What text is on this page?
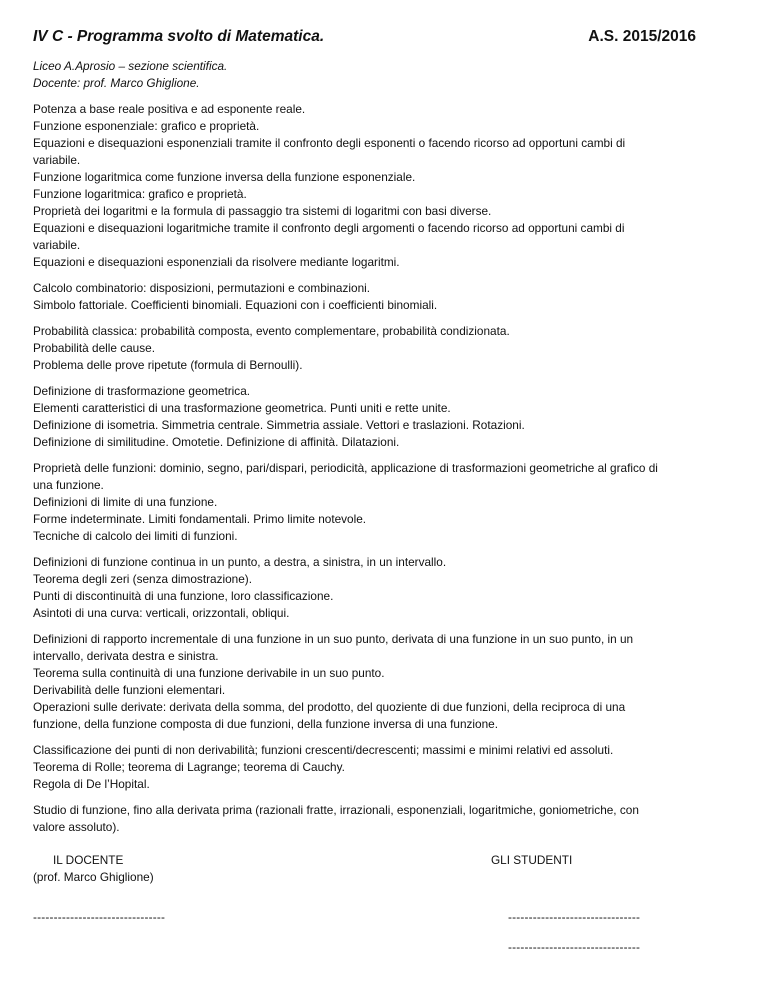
IV C - Programma svolto di Matematica.	A.S. 2015/2016
Liceo A.Aprosio – sezione scientifica.
Docente: prof. Marco Ghiglione.
Potenza a base reale positiva e ad esponente reale.
Funzione esponenziale: grafico e proprietà.
Equazioni e disequazioni esponenziali tramite il confronto degli esponenti o facendo ricorso ad opportuni cambi di
variabile.
Funzione logaritmica come funzione inversa della funzione esponenziale.
Funzione logaritmica: grafico e proprietà.
Proprietà dei logaritmi e la formula di passaggio tra sistemi di logaritmi con basi diverse.
Equazioni e disequazioni logaritmiche tramite il confronto degli argomenti o facendo ricorso ad opportuni cambi di
variabile.
Equazioni e disequazioni esponenziali da risolvere mediante logaritmi.
Calcolo combinatorio: disposizioni, permutazioni e combinazioni.
Simbolo fattoriale. Coefficienti binomiali. Equazioni con i coefficienti binomiali.
Probabilità classica: probabilità composta, evento complementare, probabilità condizionata.
Probabilità delle cause.
Problema delle prove ripetute (formula di Bernoulli).
Definizione di trasformazione geometrica.
Elementi caratteristici di una trasformazione geometrica. Punti uniti e rette unite.
Definizione di isometria. Simmetria centrale. Simmetria assiale. Vettori e traslazioni. Rotazioni.
Definizione di similitudine. Omotetie. Definizione di affinità. Dilatazioni.
Proprietà delle funzioni: dominio, segno, pari/dispari, periodicità, applicazione di trasformazioni geometriche al grafico di
una funzione.
Definizioni di limite di una funzione.
Forme indeterminate. Limiti fondamentali. Primo limite notevole.
Tecniche di calcolo dei limiti di funzioni.
Definizioni di funzione continua in un punto, a destra, a sinistra, in un intervallo.
Teorema degli zeri (senza dimostrazione).
Punti di discontinuità di una funzione, loro classificazione.
Asintoti di una curva: verticali, orizzontali, obliqui.
Definizioni di rapporto incrementale di una funzione in un suo punto, derivata di una funzione in un suo punto, in un
intervallo, derivata destra e sinistra.
Teorema sulla continuità di una funzione derivabile in un suo punto.
Derivabilità delle funzioni elementari.
Operazioni sulle derivate: derivata della somma, del prodotto, del quoziente di due funzioni, della reciproca di una
funzione, della funzione composta di due funzioni, della funzione inversa di una funzione.
Classificazione dei punti di non derivabilità; funzioni crescenti/decrescenti; massimi e minimi relativi ed assoluti.
Teorema di Rolle; teorema di Lagrange; teorema di Cauchy.
Regola di De l’Hopital.
Studio di funzione, fino alla derivata prima (razionali fratte, irrazionali, esponenziali, logaritmiche, goniometriche, con
valore assoluto).
IL DOCENTE
(prof. Marco Ghiglione)
GLI STUDENTI
--------------------------------	--------------------------------
--------------------------------
